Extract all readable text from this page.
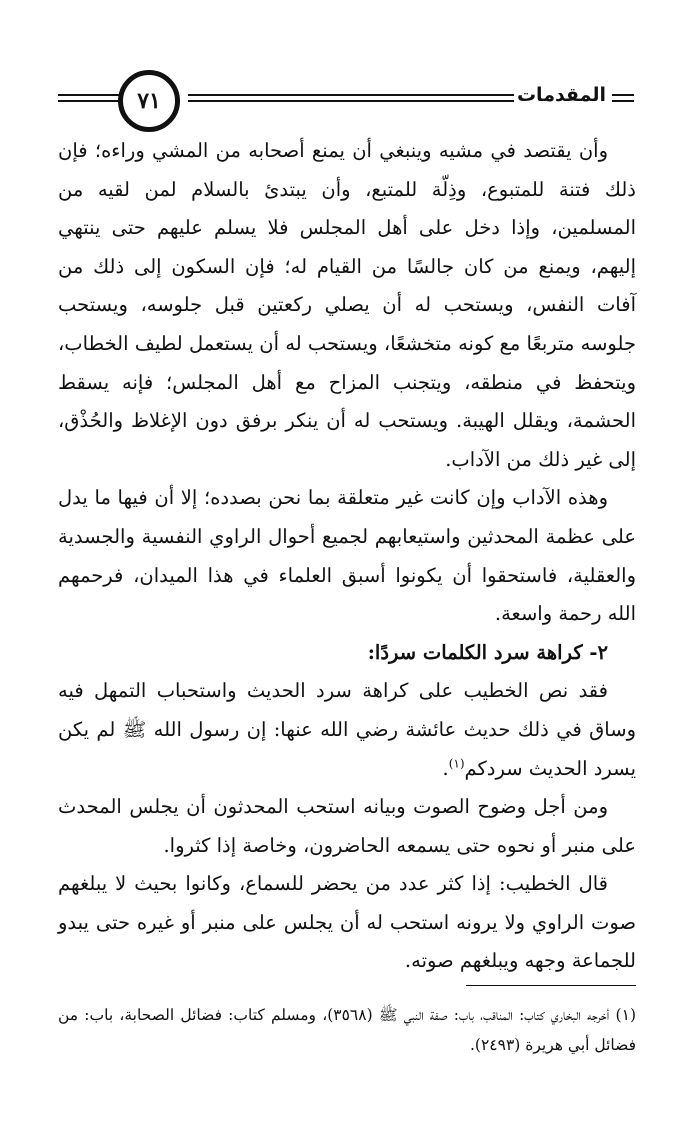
المقدمات
٧١

وأن يقتصد في مشيه وينبغي أن يمنع أصحابه من المشي وراءه؛ فإن ذلك فتنة للمتبوع، وذِلّة للمتبع، وأن يبتدئ بالسلام لمن لقيه من المسلمين، وإذا دخل على أهل المجلس فلا يسلم عليهم حتى ينتهي إليهم، ويمنع من كان جالسًا من القيام له؛ فإن السكون إلى ذلك من آفات النفس، ويستحب له أن يصلي ركعتين قبل جلوسه، ويستحب جلوسه متربعًا مع كونه متخشعًا، ويستحب له أن يستعمل لطيف الخطاب، ويتحفظ في منطقه، ويتجنب المزاح مع أهل المجلس؛ فإنه يسقط الحشمة، ويقلل الهيبة. ويستحب له أن ينكر برفق دون الإغلاظ والحُذْق، إلى غير ذلك من الآداب.

وهذه الآداب وإن كانت غير متعلقة بما نحن بصدده؛ إلا أن فيها ما يدل على عظمة المحدثين واستيعابهم لجميع أحوال الراوي النفسية والجسدية والعقلية، فاستحقوا أن يكونوا أسبق العلماء في هذا الميدان، فرحمهم الله رحمة واسعة.

٢- كراهة سرد الكلمات سردًا:

فقد نص الخطيب على كراهة سرد الحديث واستحباب التمهل فيه وساق في ذلك حديث عائشة رضي الله عنها: إن رسول الله ﷺ لم يكن يسرد الحديث سردكم$^{(١)}$.

ومن أجل وضوح الصوت وبيانه استحب المحدثون أن يجلس المحدث على منبر أو نحوه حتى يسمعه الحاضرون، وخاصة إذا كثروا.

قال الخطيب: إذا كثر عدد من يحضر للسماع، وكانوا بحيث لا يبلغهم صوت الراوي ولا يرونه استحب له أن يجلس على منبر أو غيره حتى يبدو للجماعة وجهه ويبلغهم صوته.

(١) أخرجه البخاري كتاب: المناقب، باب: صفة النبي ﷺ (٣٥٦٨)، ومسلم كتاب: فضائل الصحابة، باب: من فضائل أبي هريرة (٢٤٩٣).
